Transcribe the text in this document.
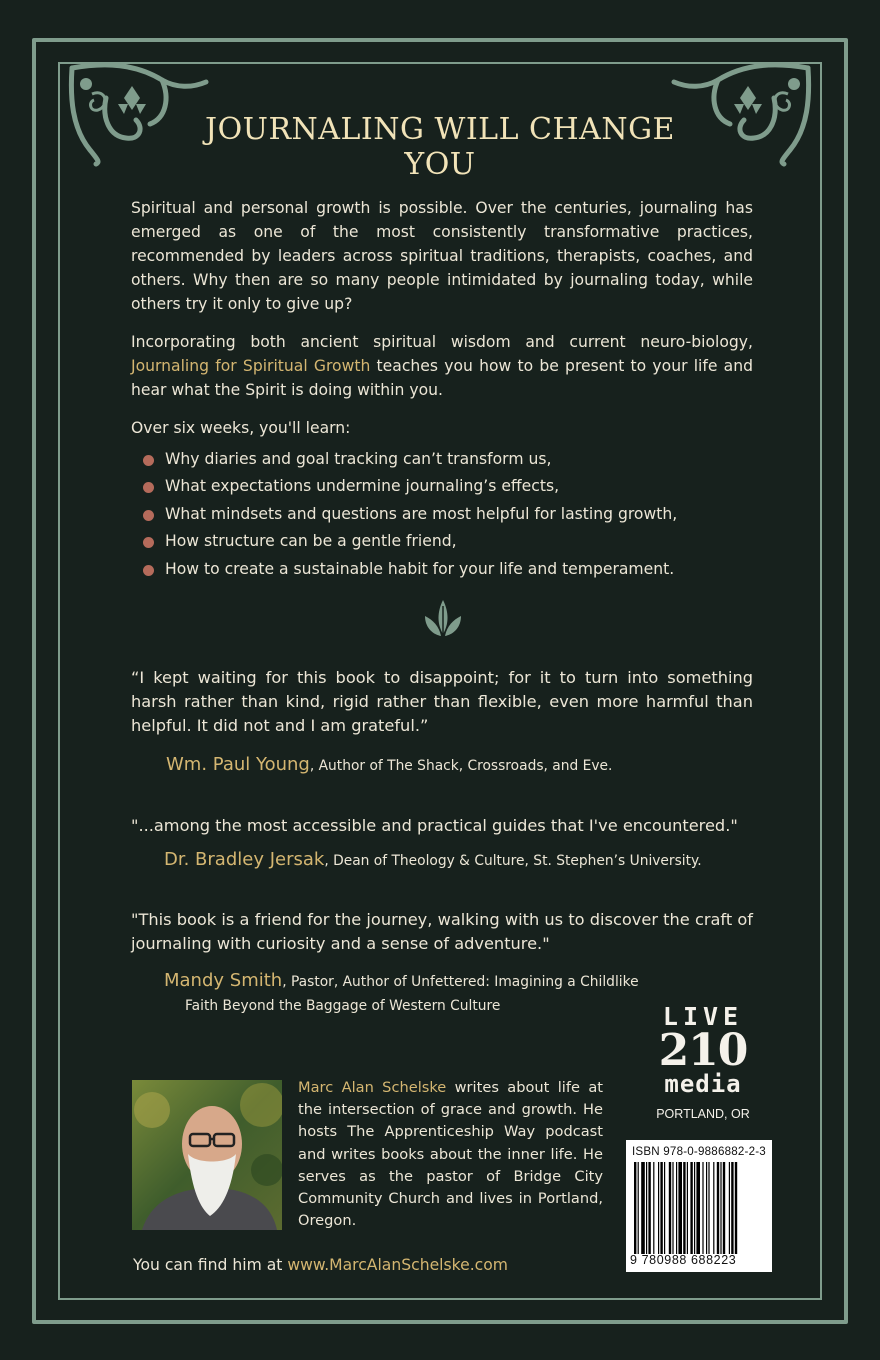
JOURNALING WILL CHANGE YOU

Spiritual and personal growth is possible. Over the centuries, journaling has emerged as one of the most consistently transformative practices, recommended by leaders across spiritual traditions, therapists, coaches, and others. Why then are so many people intimidated by journaling today, while others try it only to give up?

Incorporating both ancient spiritual wisdom and current neuro-biology, Journaling for Spiritual Growth teaches you how to be present to your life and hear what the Spirit is doing within you.

Over six weeks, you'll learn:

Why diaries and goal tracking can’t transform us,
What expectations undermine journaling’s effects,
What mindsets and questions are most helpful for lasting growth,
How structure can be a gentle friend,
How to create a sustainable habit for your life and temperament.
“I kept waiting for this book to disappoint; for it to turn into something harsh rather than kind, rigid rather than flexible, even more harmful than helpful. It did not and I am grateful.”
Wm. Paul Young, Author of The Shack, Crossroads, and Eve.
"...among the most accessible and practical guides that I've encountered."
Dr. Bradley Jersak, Dean of Theology & Culture, St. Stephen’s University.
"This book is a friend for the journey, walking with us to discover the craft of journaling with curiosity and a sense of adventure."
Mandy Smith, Pastor, Author of Unfettered: Imagining a Childlike
Faith Beyond the Baggage of Western Culture	LIVE
210
media
PORTLAND, OR
Marc Alan Schelske writes about life at the intersection of grace and growth. He hosts The Apprenticeship Way podcast and writes books about the inner life. He serves as the pastor of Bridge City Community Church and lives in Portland, Oregon.
You can find him at www.MarcAlanSchelske.com
ISBN 978-0-9886882-2-3
9 780988 688223
